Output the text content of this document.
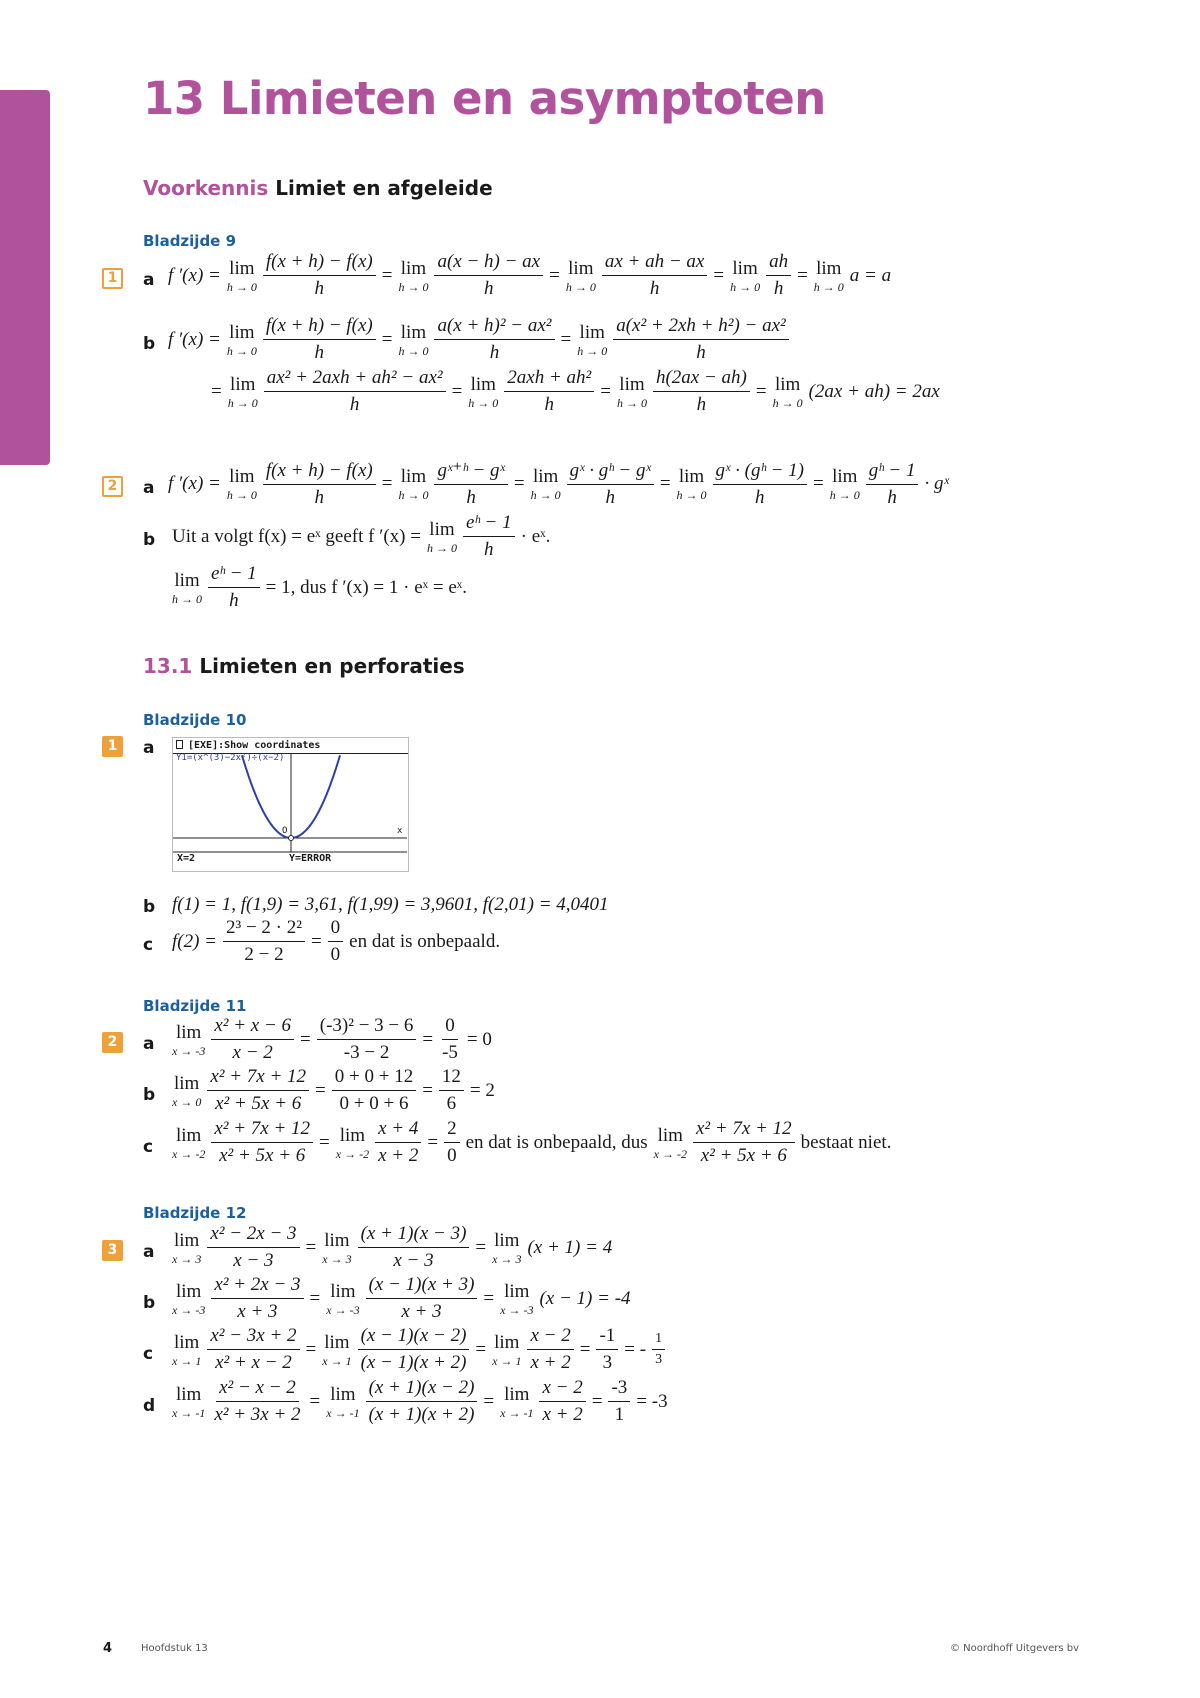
13 Limieten en asymptoten
Voorkennis Limiet en afgeleide
Bladzijde 9
1	a f ′(x) = lim
$h \to 0 \frac{f(x + h) - f(x)}{h} = \lim$
$h \to 0 \frac{a(x - h) - ax}{h} = \lim$
$h \to 0 \frac{ax + ah - ax}{h} = \lim$
$h \to 0 \frac{ah}{h} = \lim$
h → 0
a = a
b f ′(x) = lim
$h \to 0 \frac{f(x + h) - f(x)}{h} = \lim$
$h \to 0 \frac{\text{a(x + h)² − ax²}}{h} = \lim$
$h \to 0 \frac{\text{a(x² + 2xh + h²) − ax²}}{h}$
= lim
$h \to 0 \frac{\text{ax² + 2axh + ah² − ax²}}{h} = \lim$
$h \to 0 \frac{\text{2axh + ah²}}{h} = \lim$
$h \to 0 \frac{h(2ax - ah)}{h} = \lim$
h → 0
(2ax + ah) = 2ax
2	a f ′(x) = lim
$h \to 0 \frac{f(x + h) - f(x)}{h} = \lim$
$h \to 0 \frac{\text{gˣ⁺ʰ − gˣ}}{h} = \lim$
$h \to 0 \frac{\text{gˣ · gʰ − gˣ}}{h} = \lim$
$h \to 0 \frac{\text{gˣ · (gʰ − 1)}}{h} = \lim$
$h \to 0 \frac{\text{gʰ − 1}}{h}$ · gˣ
b Uit a volgt f(x) = eˣ geeft f ′(x) = lim
$h \to 0 \frac{\text{eʰ − 1}}{h}$ · eˣ.
lim
$h \to 0 \frac{\text{eʰ − 1}}{h} = 1$, dus f ′(x) = 1 · eˣ = eˣ.
13.1 Limieten en perforaties
Bladzijde 10
1	a	[EXE]:Show coordinates
Y1=(x^(3)−2x²)÷(x−2)
O	x
X=2	Y=ERROR
b f(1) = 1, f(1,9) = 3,61, f(1,99) = 3,9601, f(2,01) = 4,0401
c $f(2) = \frac{\text{2³ − 2 · 2²}}{2 - 2} = \frac{0}{0}$ en dat is onbepaald.
Bladzijde 11
2	a
lim
$x \to -3 \frac{\text{x² + x − 6}}{x - 2} = \frac{\text{(-3)² − 3 − 6}}{-3 - 2} = \frac{0}{-5} = 0$
b
lim
$x \to 0 \frac{\text{x² + 7x + 12}}{\text{x² + 5x + 6}} = \frac{0 + 0 + 12}{0 + 0 + 6} = \frac{12}{6} = 2$
c
lim
$x \to -2 \frac{\text{x² + 7x + 12}}{\text{x² + 5x + 6}} = \lim$
$x \to -2 \frac{x + 4}{x + 2} = \frac{2}{0}$ en dat is onbepaald, dus lim
$x \to -2 \frac{\text{x² + 7x + 12}}{\text{x² + 5x + 6}}$ bestaat niet.
Bladzijde 12
3	a
lim
$x \to 3 \frac{\text{x² − 2x − 3}}{x - 3} = \lim$
$x \to 3 \frac{(x + 1)(x - 3)}{x - 3} = \lim$
x → 3
(x + 1) = 4
b
lim
$x \to -3 \frac{\text{x² + 2x − 3}}{x + 3} = \lim$
$x \to -3 \frac{(x - 1)(x + 3)}{x + 3} = \lim$
x → -3
(x − 1) = -4
c
lim
$x \to 1 \frac{\text{x² − 3x + 2}}{\text{x² + x − 2}} = \lim$
$x \to 1 \frac{(x - 1)(x - 2)}{(x - 1)(x + 2)} = \lim$
$x \to 1 \frac{x - 2}{x + 2} = \frac{-1}{3}$ = - $\frac{1}{3}$
d
lim
$x \to -1 \frac{\text{x² − x − 2}}{\text{x² + 3x + 2}} = \lim$
$x \to -1 \frac{(x + 1)(x - 2)}{(x + 1)(x + 2)} = \lim$
$x \to -1 \frac{x - 2}{x + 2} = \frac{-3}{1} = -3$
4	Hoofdstuk 13	© Noordhoff Uitgevers bv
